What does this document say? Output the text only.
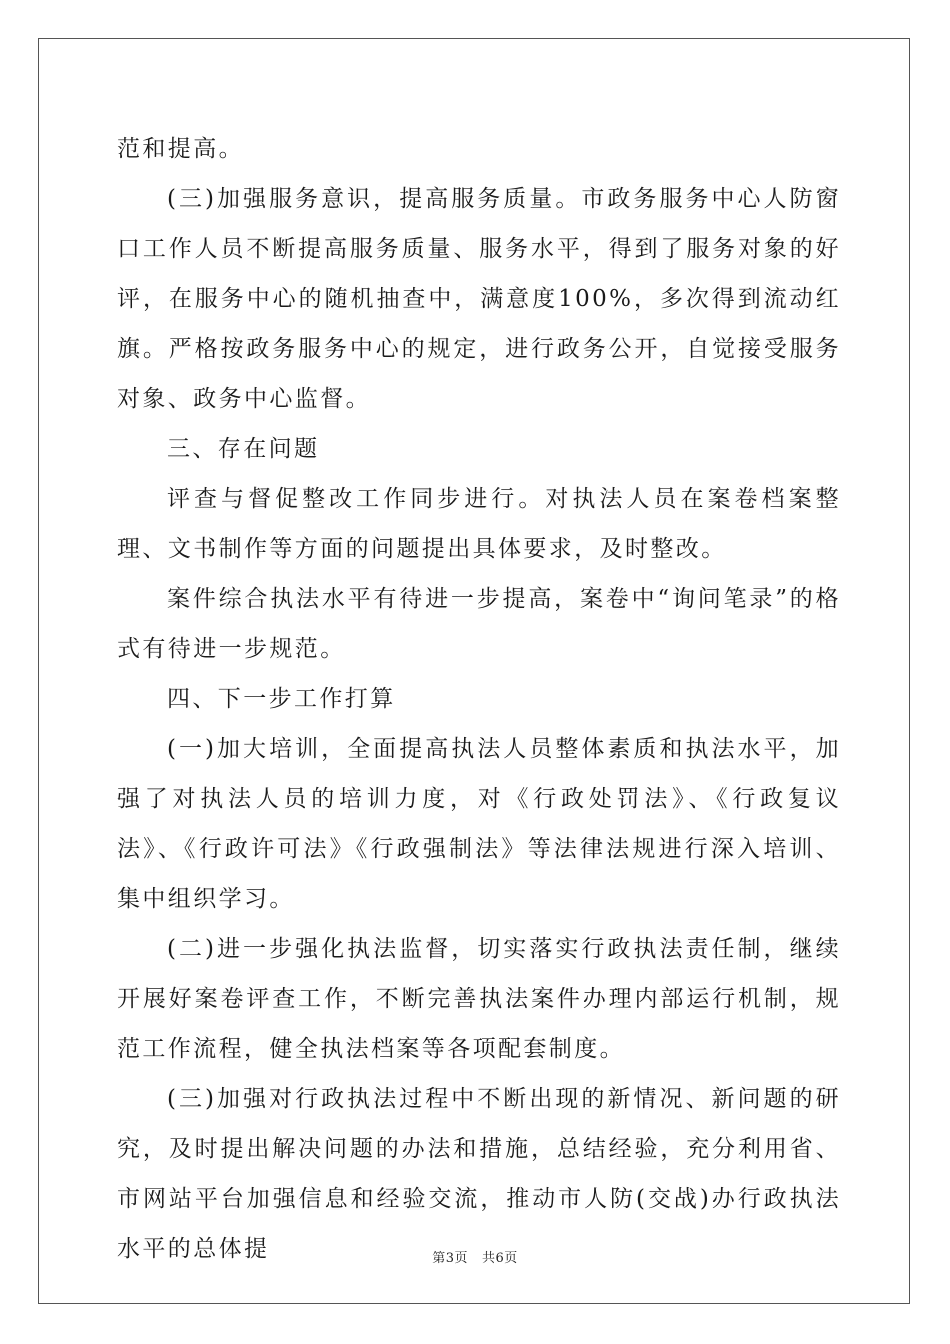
范和提高。

(三)加强服务意识，提高服务质量。市政务服务中心人防窗口工作人员不断提高服务质量、服务水平，得到了服务对象的好评，在服务中心的随机抽查中，满意度100%，多次得到流动红旗。严格按政务服务中心的规定，进行政务公开，自觉接受服务对象、政务中心监督。

三、存在问题

评查与督促整改工作同步进行。对执法人员在案卷档案整理、文书制作等方面的问题提出具体要求，及时整改。

案件综合执法水平有待进一步提高，案卷中“询问笔录”的格式有待进一步规范。

四、下一步工作打算

(一)加大培训，全面提高执法人员整体素质和执法水平，加强了对执法人员的培训力度，对《行政处罚法》、《行政复议法》、《行政许可法》《行政强制法》等法律法规进行深入培训、集中组织学习。

(二)进一步强化执法监督，切实落实行政执法责任制，继续开展好案卷评查工作，不断完善执法案件办理内部运行机制，规范工作流程，健全执法档案等各项配套制度。

(三)加强对行政执法过程中不断出现的新情况、新问题的研究，及时提出解决问题的办法和措施，总结经验，充分利用省、市网站平台加强信息和经验交流，推动市人防(交战)办行政执法水平的总体提	第3页 共6页
